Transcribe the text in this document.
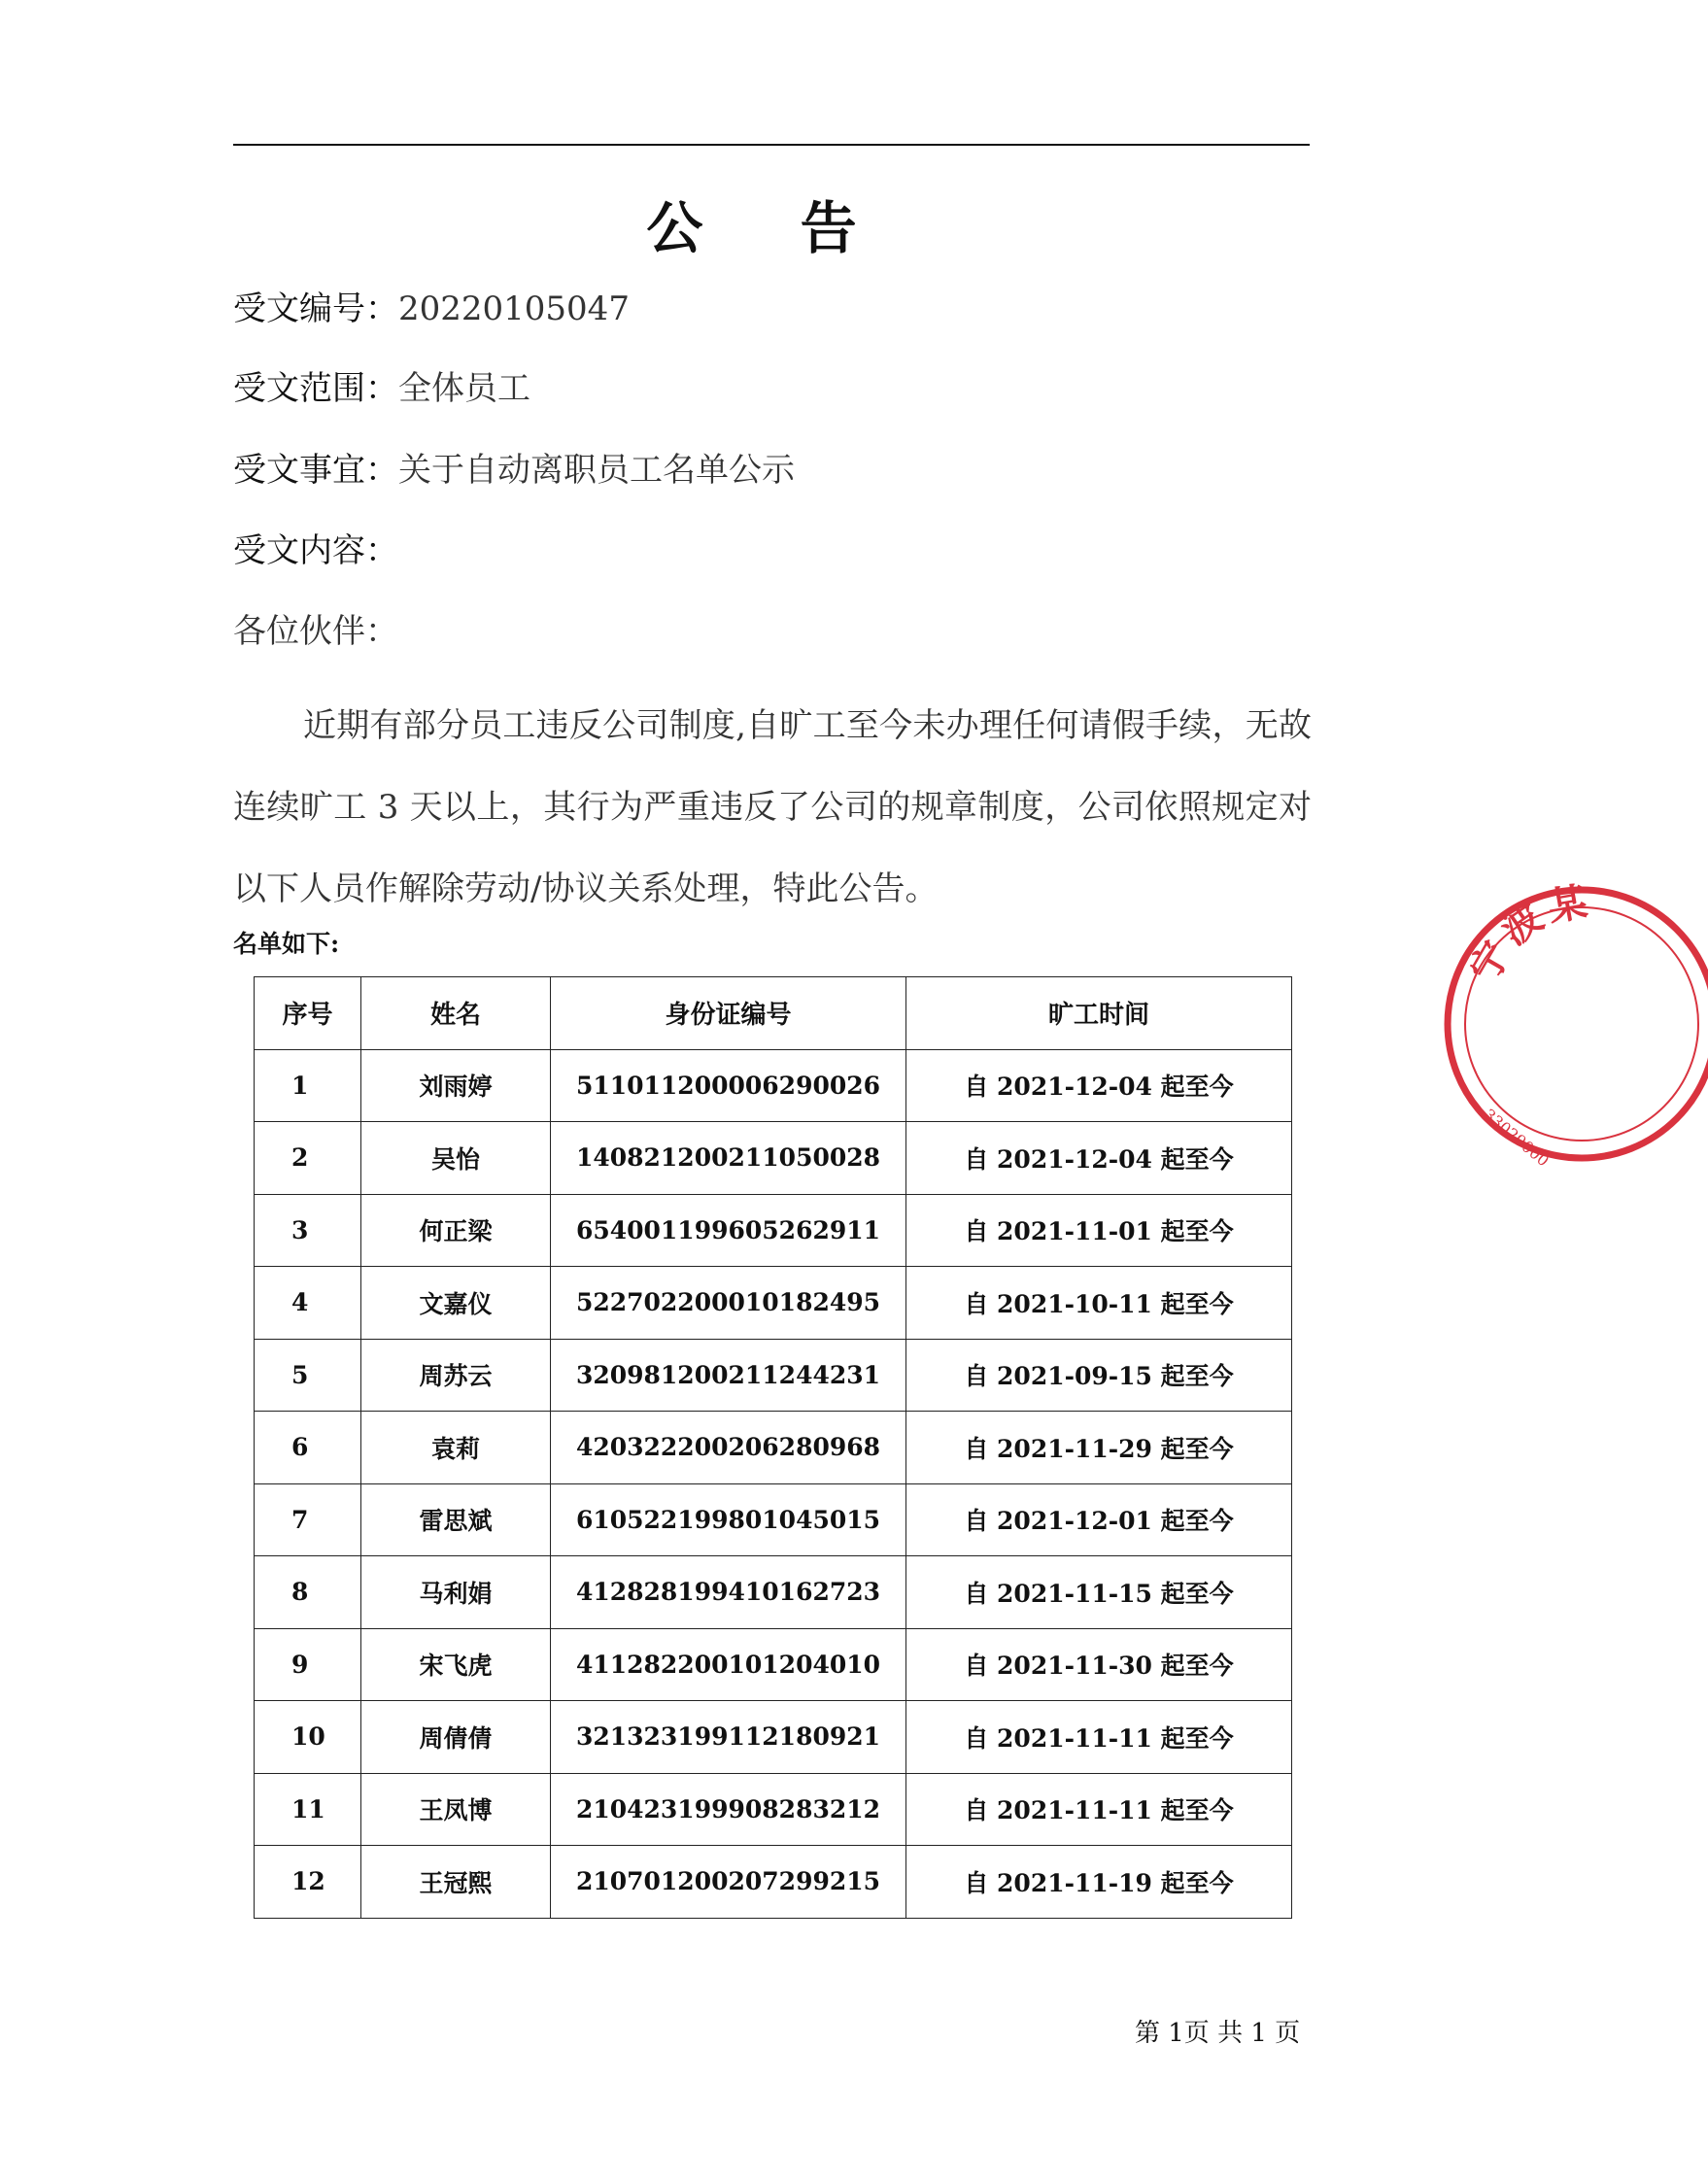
公 告
受文编号：20220105047
受文范围：全体员工
受文事宜：关于自动离职员工名单公示
受文内容：
各位伙伴：
近期有部分员工违反公司制度,自旷工至今未办理任何请假手续，无故连续旷工 3 天以上，其行为严重违反了公司的规章制度，公司依照规定对以下人员作解除劳动/协议关系处理，特此公告。
名单如下:
序号	姓名	身份证编号	旷工时间
1	刘雨婷	511011200006290026	自 2021-12-04 起至今
2	吴怡	140821200211050028	自 2021-12-04 起至今
3	何正梁	654001199605262911	自 2021-11-01 起至今
4	文嘉仪	522702200010182495	自 2021-10-11 起至今
5	周苏云	320981200211244231	自 2021-09-15 起至今
6	袁莉	420322200206280968	自 2021-11-29 起至今
7	雷思斌	610522199801045015	自 2021-12-01 起至今
8	马利娟	412828199410162723	自 2021-11-15 起至今
9	宋飞虎	411282200101204010	自 2021-11-30 起至今
10	周倩倩	321323199112180921	自 2021-11-11 起至今
11	王凤博	210423199908283212	自 2021-11-11 起至今
12	王冠熙	210701200207299215	自 2021-11-19 起至今
第 1页 共 1 页
宁
波
某
33029000
